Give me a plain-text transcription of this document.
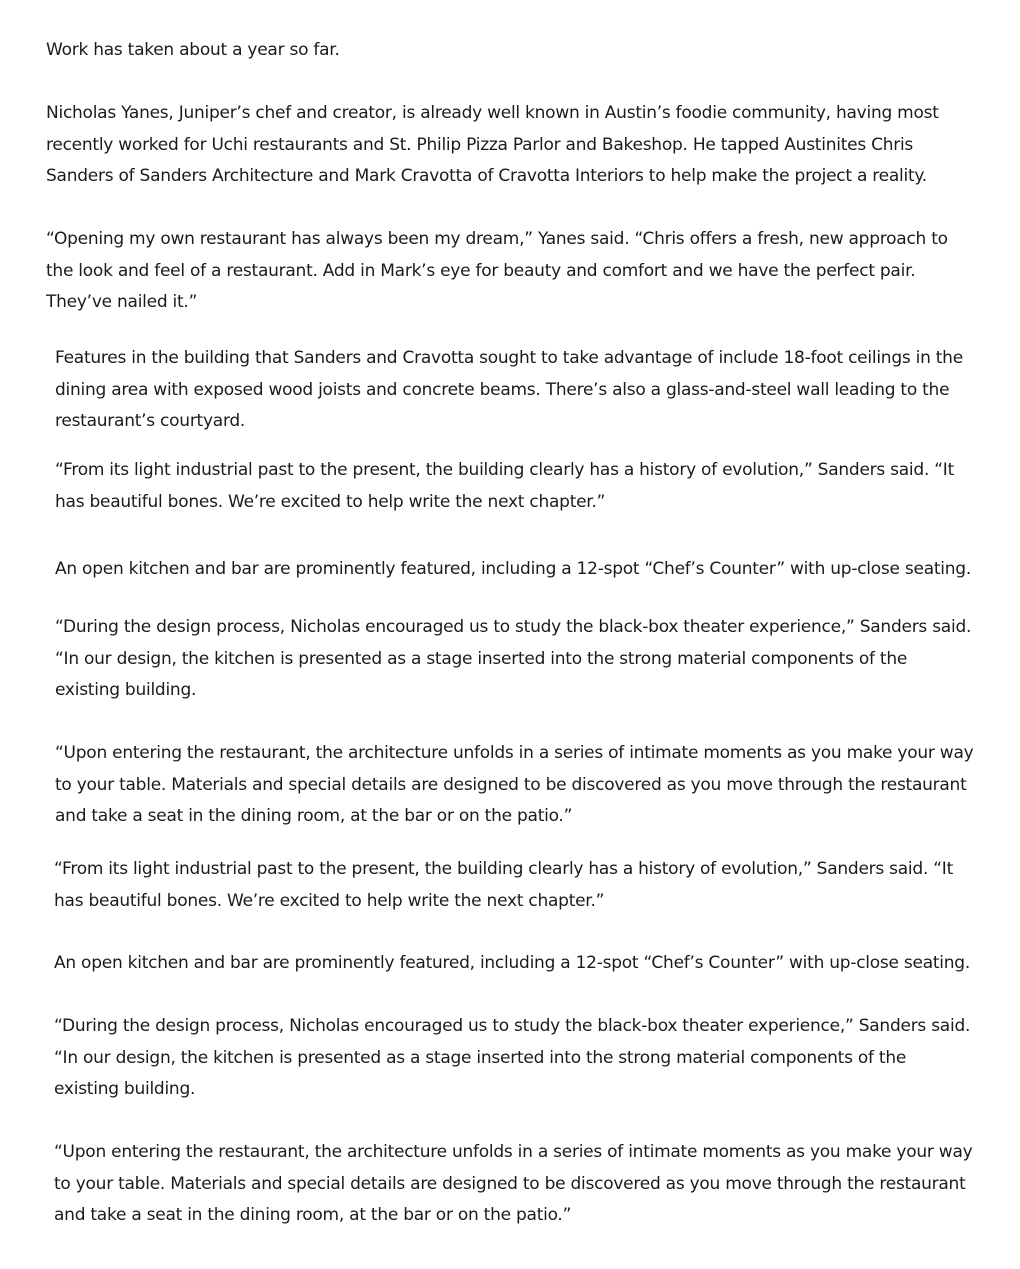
Work has taken about a year so far.

Nicholas Yanes, Juniper’s chef and creator, is already well known in Austin’s foodie community, having most recently worked for Uchi restaurants and St. Philip Pizza Parlor and Bakeshop. He tapped Austinites Chris Sanders of Sanders Architecture and Mark Cravotta of Cravotta Interiors to help make the project a reality.

“Opening my own restaurant has always been my dream,” Yanes said. “Chris offers a fresh, new approach to the look and feel of a restaurant. Add in Mark’s eye for beauty and comfort and we have the perfect pair. They’ve nailed it.”

Features in the building that Sanders and Cravotta sought to take advantage of include 18-foot ceilings in the dining area with exposed wood joists and concrete beams. There’s also a glass-and-steel wall leading to the restaurant’s courtyard.

“From its light industrial past to the present, the building clearly has a history of evolution,” Sanders said. “It has beautiful bones. We’re excited to help write the next chapter.”

An open kitchen and bar are prominently featured, including a 12-spot “Chef’s Counter” with up-close seating.

“During the design process, Nicholas encouraged us to study the black-box theater experience,” Sanders said. “In our design, the kitchen is presented as a stage inserted into the strong material components of the existing building.

“Upon entering the restaurant, the architecture unfolds in a series of intimate moments as you make your way to your table. Materials and special details are designed to be discovered as you move through the restaurant and take a seat in the dining room, at the bar or on the patio.”

“From its light industrial past to the present, the building clearly has a history of evolution,” Sanders said. “It has beautiful bones. We’re excited to help write the next chapter.”

An open kitchen and bar are prominently featured, including a 12-spot “Chef’s Counter” with up-close seating.

“During the design process, Nicholas encouraged us to study the black-box theater experience,” Sanders said. “In our design, the kitchen is presented as a stage inserted into the strong material components of the existing building.

“Upon entering the restaurant, the architecture unfolds in a series of intimate moments as you make your way to your table. Materials and special details are designed to be discovered as you move through the restaurant and take a seat in the dining room, at the bar or on the patio.”
